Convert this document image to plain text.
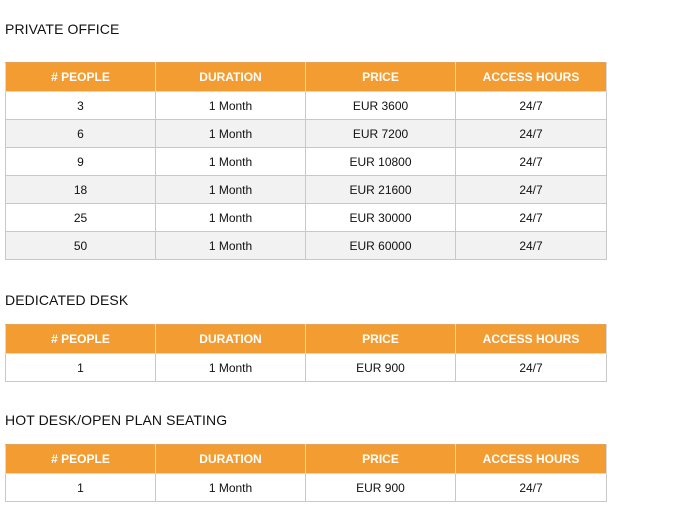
PRIVATE OFFICE
# PEOPLE	DURATION	PRICE	ACCESS HOURS
3	1 Month	EUR 3600	24/7
6	1 Month	EUR 7200	24/7
9	1 Month	EUR 10800	24/7
18	1 Month	EUR 21600	24/7
25	1 Month	EUR 30000	24/7
50	1 Month	EUR 60000	24/7
DEDICATED DESK
# PEOPLE	DURATION	PRICE	ACCESS HOURS
1	1 Month	EUR 900	24/7
HOT DESK/OPEN PLAN SEATING
# PEOPLE	DURATION	PRICE	ACCESS HOURS
1	1 Month	EUR 900	24/7
